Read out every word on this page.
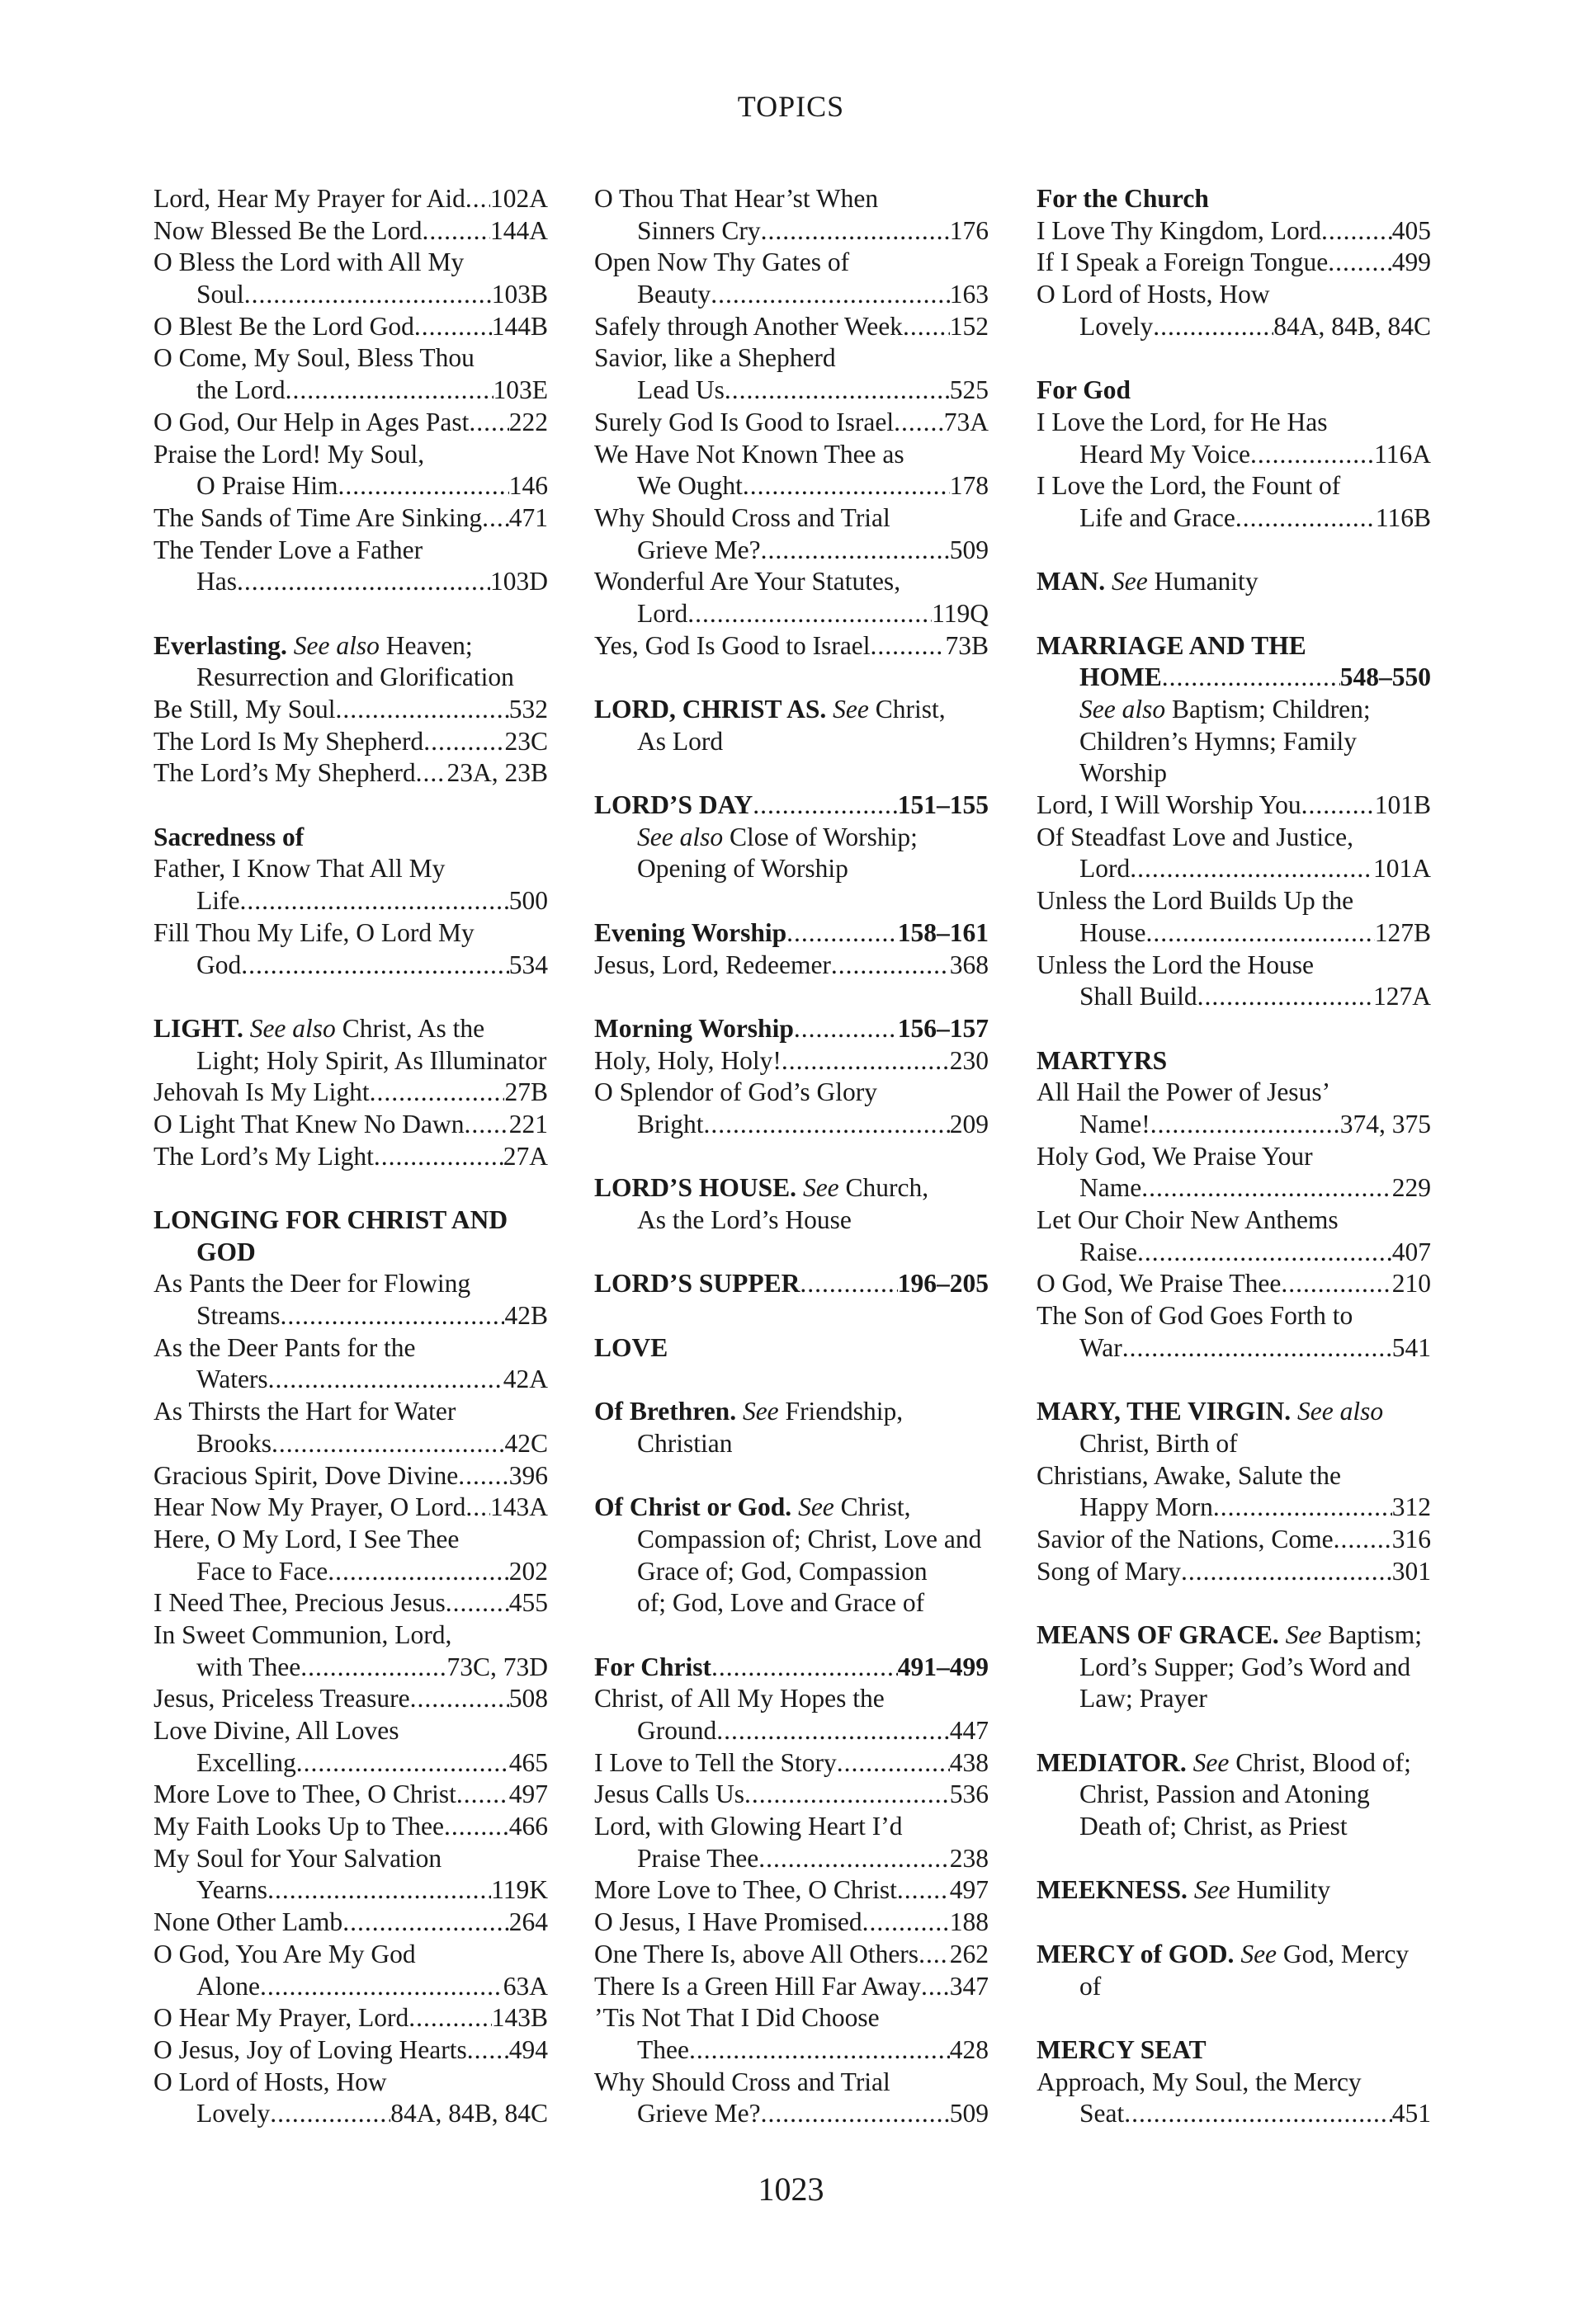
TOPICS
Lord, Hear My Prayer for Aid ..... 102A
Now Blessed Be the Lord .....	144A
O Bless the Lord with All My
Soul .....	103B
O Blest Be the Lord God .....	144B
O Come, My Soul, Bless Thou
the Lord .....	103E
O God, Our Help in Ages Past ..... 222
Praise the Lord! My Soul,
O Praise Him .....	146
The Sands of Time Are Sinking ..... 471
The Tender Love a Father
Has .....	103D
Everlasting. See also Heaven;
Resurrection and Glorification
Be Still, My Soul .....	532
The Lord Is My Shepherd .....	23C
The Lord’s My Shepherd ..... 23A, 23B
Sacredness of
Father, I Know That All My
Life .....	500
Fill Thou My Life, O Lord My
God .....	534
LIGHT. See also Christ, As the
Light; Holy Spirit, As Illuminator
Jehovah Is My Light .....	27B
O Light That Knew No Dawn ..... 221
The Lord’s My Light .....	27A
LONGING FOR CHRIST AND
GOD
As Pants the Deer for Flowing
Streams .....	42B
As the Deer Pants for the
Waters .....	42A
As Thirsts the Hart for Water
Brooks .....	42C
Gracious Spirit, Dove Divine ..... 396
Hear Now My Prayer, O Lord ..... 143A
Here, O My Lord, I See Thee
Face to Face .....	202
I Need Thee, Precious Jesus ..... 455
In Sweet Communion, Lord,
with Thee .....	73C, 73D
Jesus, Priceless Treasure .....	508
Love Divine, All Loves
Excelling .....	465
More Love to Thee, O Christ ..... 497
My Faith Looks Up to Thee ..... 466
My Soul for Your Salvation
Yearns .....	119K
None Other Lamb .....	264
O God, You Are My God
Alone .....	63A
O Hear My Prayer, Lord .....	143B
O Jesus, Joy of Loving Hearts ..... 494
O Lord of Hosts, How
Lovely .....	84A, 84B, 84C
O Thou That Hear’st When
Sinners Cry .....	176
Open Now Thy Gates of
Beauty .....	163
Safely through Another Week ..... 152
Savior, like a Shepherd
Lead Us .....	525
Surely God Is Good to Israel ..... 73A
We Have Not Known Thee as
We Ought .....	178
Why Should Cross and Trial
Grieve Me? .....	509
Wonderful Are Your Statutes,
Lord .....	119Q
Yes, God Is Good to Israel .....	73B
LORD, CHRIST AS. See Christ,
As Lord
LORD’S DAY .....	151–155
See also Close of Worship;
Opening of Worship
Evening Worship .....	158–161
Jesus, Lord, Redeemer .....	368
Morning Worship .....	156–157
Holy, Holy, Holy! .....	230
O Splendor of God’s Glory
Bright .....	209
LORD’S HOUSE. See Church,
As the Lord’s House
LORD’S SUPPER .....	196–205
LOVE
Of Brethren. See Friendship,
Christian
Of Christ or God. See Christ,
Compassion of; Christ, Love and
Grace of; God, Compassion
of; God, Love and Grace of
For Christ .....	491–499
Christ, of All My Hopes the
Ground .....	447
I Love to Tell the Story .....	438
Jesus Calls Us .....	536
Lord, with Glowing Heart I’d
Praise Thee .....	238
More Love to Thee, O Christ ..... 497
O Jesus, I Have Promised .....	188
One There Is, above All Others ..... 262
There Is a Green Hill Far Away ..... 347
’Tis Not That I Did Choose
Thee .....	428
Why Should Cross and Trial
Grieve Me? .....	509
For the Church
I Love Thy Kingdom, Lord .....	405
If I Speak a Foreign Tongue ..... 499
O Lord of Hosts, How
Lovely .....	84A, 84B, 84C
For God
I Love the Lord, for He Has
Heard My Voice .....	116A
I Love the Lord, the Fount of
Life and Grace .....	116B
MAN. See Humanity
MARRIAGE AND THE
HOME .....	548–550
See also Baptism; Children;
Children’s Hymns; Family
Worship
Lord, I Will Worship You .....	101B
Of Steadfast Love and Justice,
Lord .....	101A
Unless the Lord Builds Up the
House .....	127B
Unless the Lord the House
Shall Build .....	127A
MARTYRS
All Hail the Power of Jesus’
Name! .....	374, 375
Holy God, We Praise Your
Name .....	229
Let Our Choir New Anthems
Raise .....	407
O God, We Praise Thee .....	210
The Son of God Goes Forth to
War .....	541
MARY, THE VIRGIN. See also
Christ, Birth of
Christians, Awake, Salute the
Happy Morn .....	312
Savior of the Nations, Come ..... 316
Song of Mary .....	301
MEANS OF GRACE. See Baptism;
Lord’s Supper; God’s Word and
Law; Prayer
MEDIATOR. See Christ, Blood of;
Christ, Passion and Atoning
Death of; Christ, as Priest
MEEKNESS. See Humility
MERCY of GOD. See God, Mercy
of
MERCY SEAT
Approach, My Soul, the Mercy
Seat .....	451
1023
